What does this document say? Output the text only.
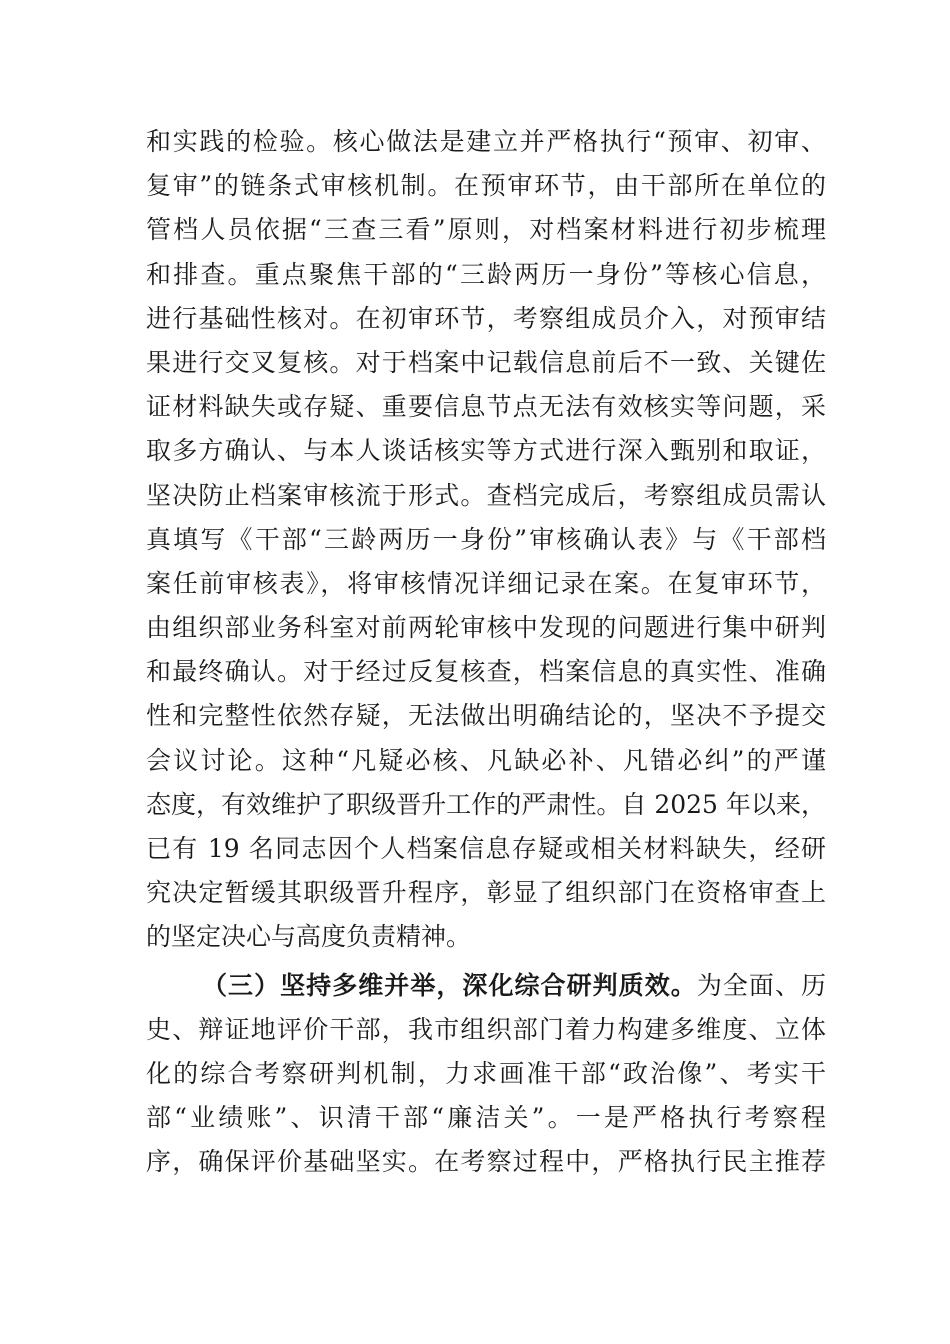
和实践的检验。核心做法是建立并严格执行“预审、初审、
复审”的链条式审核机制。在预审环节，由干部所在单位的
管档人员依据“三查三看”原则，对档案材料进行初步梳理
和排查。重点聚焦干部的“三龄两历一身份”等核心信息，
进行基础性核对。在初审环节，考察组成员介入，对预审结
果进行交叉复核。对于档案中记载信息前后不一致、关键佐
证材料缺失或存疑、重要信息节点无法有效核实等问题，采
取多方确认、与本人谈话核实等方式进行深入甄别和取证，
坚决防止档案审核流于形式。查档完成后，考察组成员需认
真填写《干部“三龄两历一身份”审核确认表》与《干部档
案任前审核表》，将审核情况详细记录在案。在复审环节，
由组织部业务科室对前两轮审核中发现的问题进行集中研判
和最终确认。对于经过反复核查，档案信息的真实性、准确
性和完整性依然存疑，无法做出明确结论的，坚决不予提交
会议讨论。这种“凡疑必核、凡缺必补、凡错必纠”的严谨
态度，有效维护了职级晋升工作的严肃性。自 2025 年以来，
已有 19 名同志因个人档案信息存疑或相关材料缺失，经研
究决定暂缓其职级晋升程序，彰显了组织部门在资格审查上
的坚定决心与高度负责精神。
（三）坚持多维并举，深化综合研判质效。为全面、历
史、辩证地评价干部，我市组织部门着力构建多维度、立体
化的综合考察研判机制，力求画准干部“政治像”、考实干
部“业绩账”、识清干部“廉洁关”。一是严格执行考察程
序，确保评价基础坚实。在考察过程中，严格执行民主推荐
